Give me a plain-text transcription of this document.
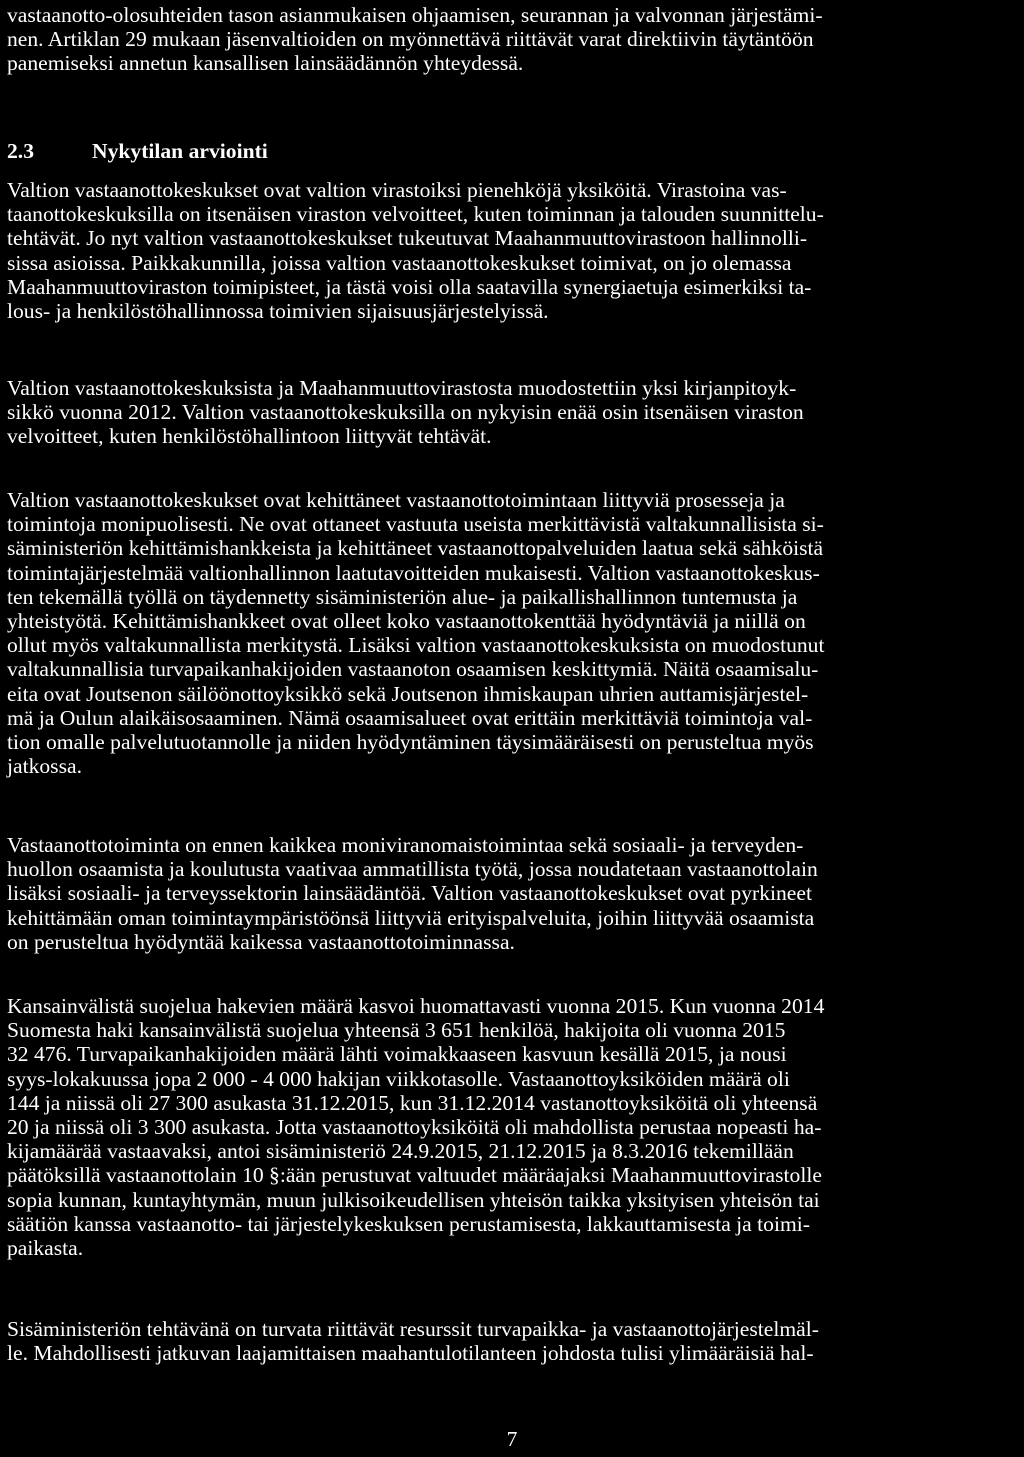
vastaanotto-olosuhteiden tason asianmukaisen ohjaamisen, seurannan ja valvonnan järjestämi-
nen. Artiklan 29 mukaan jäsenvaltioiden on myönnettävä riittävät varat direktiivin täytäntöön
panemiseksi annetun kansallisen lainsäädännön yhteydessä.

2.3	Nykytilan arviointi

Valtion vastaanottokeskukset ovat valtion virastoiksi pienehköjä yksiköitä. Virastoina vas-
taanottokeskuksilla on itsenäisen viraston velvoitteet, kuten toiminnan ja talouden suunnittelu-
tehtävät. Jo nyt valtion vastaanottokeskukset tukeutuvat Maahanmuuttovirastoon hallinnolli-
sissa asioissa. Paikkakunnilla, joissa valtion vastaanottokeskukset toimivat, on jo olemassa
Maahanmuuttoviraston toimipisteet, ja tästä voisi olla saatavilla synergiaetuja esimerkiksi ta-
lous- ja henkilöstöhallinnossa toimivien sijaisuusjärjestelyissä.

Valtion vastaanottokeskuksista ja Maahanmuuttovirastosta muodostettiin yksi kirjanpitoyk-
sikkö vuonna 2012. Valtion vastaanottokeskuksilla on nykyisin enää osin itsenäisen viraston
velvoitteet, kuten henkilöstöhallintoon liittyvät tehtävät.

Valtion vastaanottokeskukset ovat kehittäneet vastaanottotoimintaan liittyviä prosesseja ja
toimintoja monipuolisesti. Ne ovat ottaneet vastuuta useista merkittävistä valtakunnallisista si-
säministeriön kehittämishankkeista ja kehittäneet vastaanottopalveluiden laatua sekä sähköistä
toimintajärjestelmää valtionhallinnon laatutavoitteiden mukaisesti. Valtion vastaanottokeskus-
ten tekemällä työllä on täydennetty sisäministeriön alue- ja paikallishallinnon tuntemusta ja
yhteistyötä. Kehittämishankkeet ovat olleet koko vastaanottokenttää hyödyntäviä ja niillä on
ollut myös valtakunnallista merkitystä. Lisäksi valtion vastaanottokeskuksista on muodostunut
valtakunnallisia turvapaikanhakijoiden vastaanoton osaamisen keskittymiä. Näitä osaamisalu-
eita ovat Joutsenon säilöönottoyksikkö sekä Joutsenon ihmiskaupan uhrien auttamisjärjestel-
mä ja Oulun alaikäisosaaminen. Nämä osaamisalueet ovat erittäin merkittäviä toimintoja val-
tion omalle palvelutuotannolle ja niiden hyödyntäminen täysimääräisesti on perusteltua myös
jatkossa.

Vastaanottotoiminta on ennen kaikkea moniviranomaistoimintaa sekä sosiaali- ja terveyden-
huollon osaamista ja koulutusta vaativaa ammatillista työtä, jossa noudatetaan vastaanottolain
lisäksi sosiaali- ja terveyssektorin lainsäädäntöä. Valtion vastaanottokeskukset ovat pyrkineet
kehittämään oman toimintaympäristöönsä liittyviä erityispalveluita, joihin liittyvää osaamista
on perusteltua hyödyntää kaikessa vastaanottotoiminnassa.

Kansainvälistä suojelua hakevien määrä kasvoi huomattavasti vuonna 2015. Kun vuonna 2014
Suomesta haki kansainvälistä suojelua yhteensä 3 651 henkilöä, hakijoita oli vuonna 2015
32 476. Turvapaikanhakijoiden määrä lähti voimakkaaseen kasvuun kesällä 2015, ja nousi
syys-lokakuussa jopa 2 000 - 4 000 hakijan viikkotasolle. Vastaanottoyksiköiden määrä oli
144 ja niissä oli 27 300 asukasta 31.12.2015, kun 31.12.2014 vastanottoyksiköitä oli yhteensä
20 ja niissä oli 3 300 asukasta. Jotta vastaanottoyksiköitä oli mahdollista perustaa nopeasti ha-
kijamäärää vastaavaksi, antoi sisäministeriö 24.9.2015, 21.12.2015 ja 8.3.2016 tekemillään
päätöksillä vastaanottolain 10 §:ään perustuvat valtuudet määräajaksi Maahanmuuttovirastolle
sopia kunnan, kuntayhtymän, muun julkisoikeudellisen yhteisön taikka yksityisen yhteisön tai
säätiön kanssa vastaanotto- tai järjestelykeskuksen perustamisesta, lakkauttamisesta ja toimi-
paikasta.

Sisäministeriön tehtävänä on turvata riittävät resurssit turvapaikka- ja vastaanottojärjestelmäl-
le. Mahdollisesti jatkuvan laajamittaisen maahantulotilanteen johdosta tulisi ylimääräisiä hal-

7
